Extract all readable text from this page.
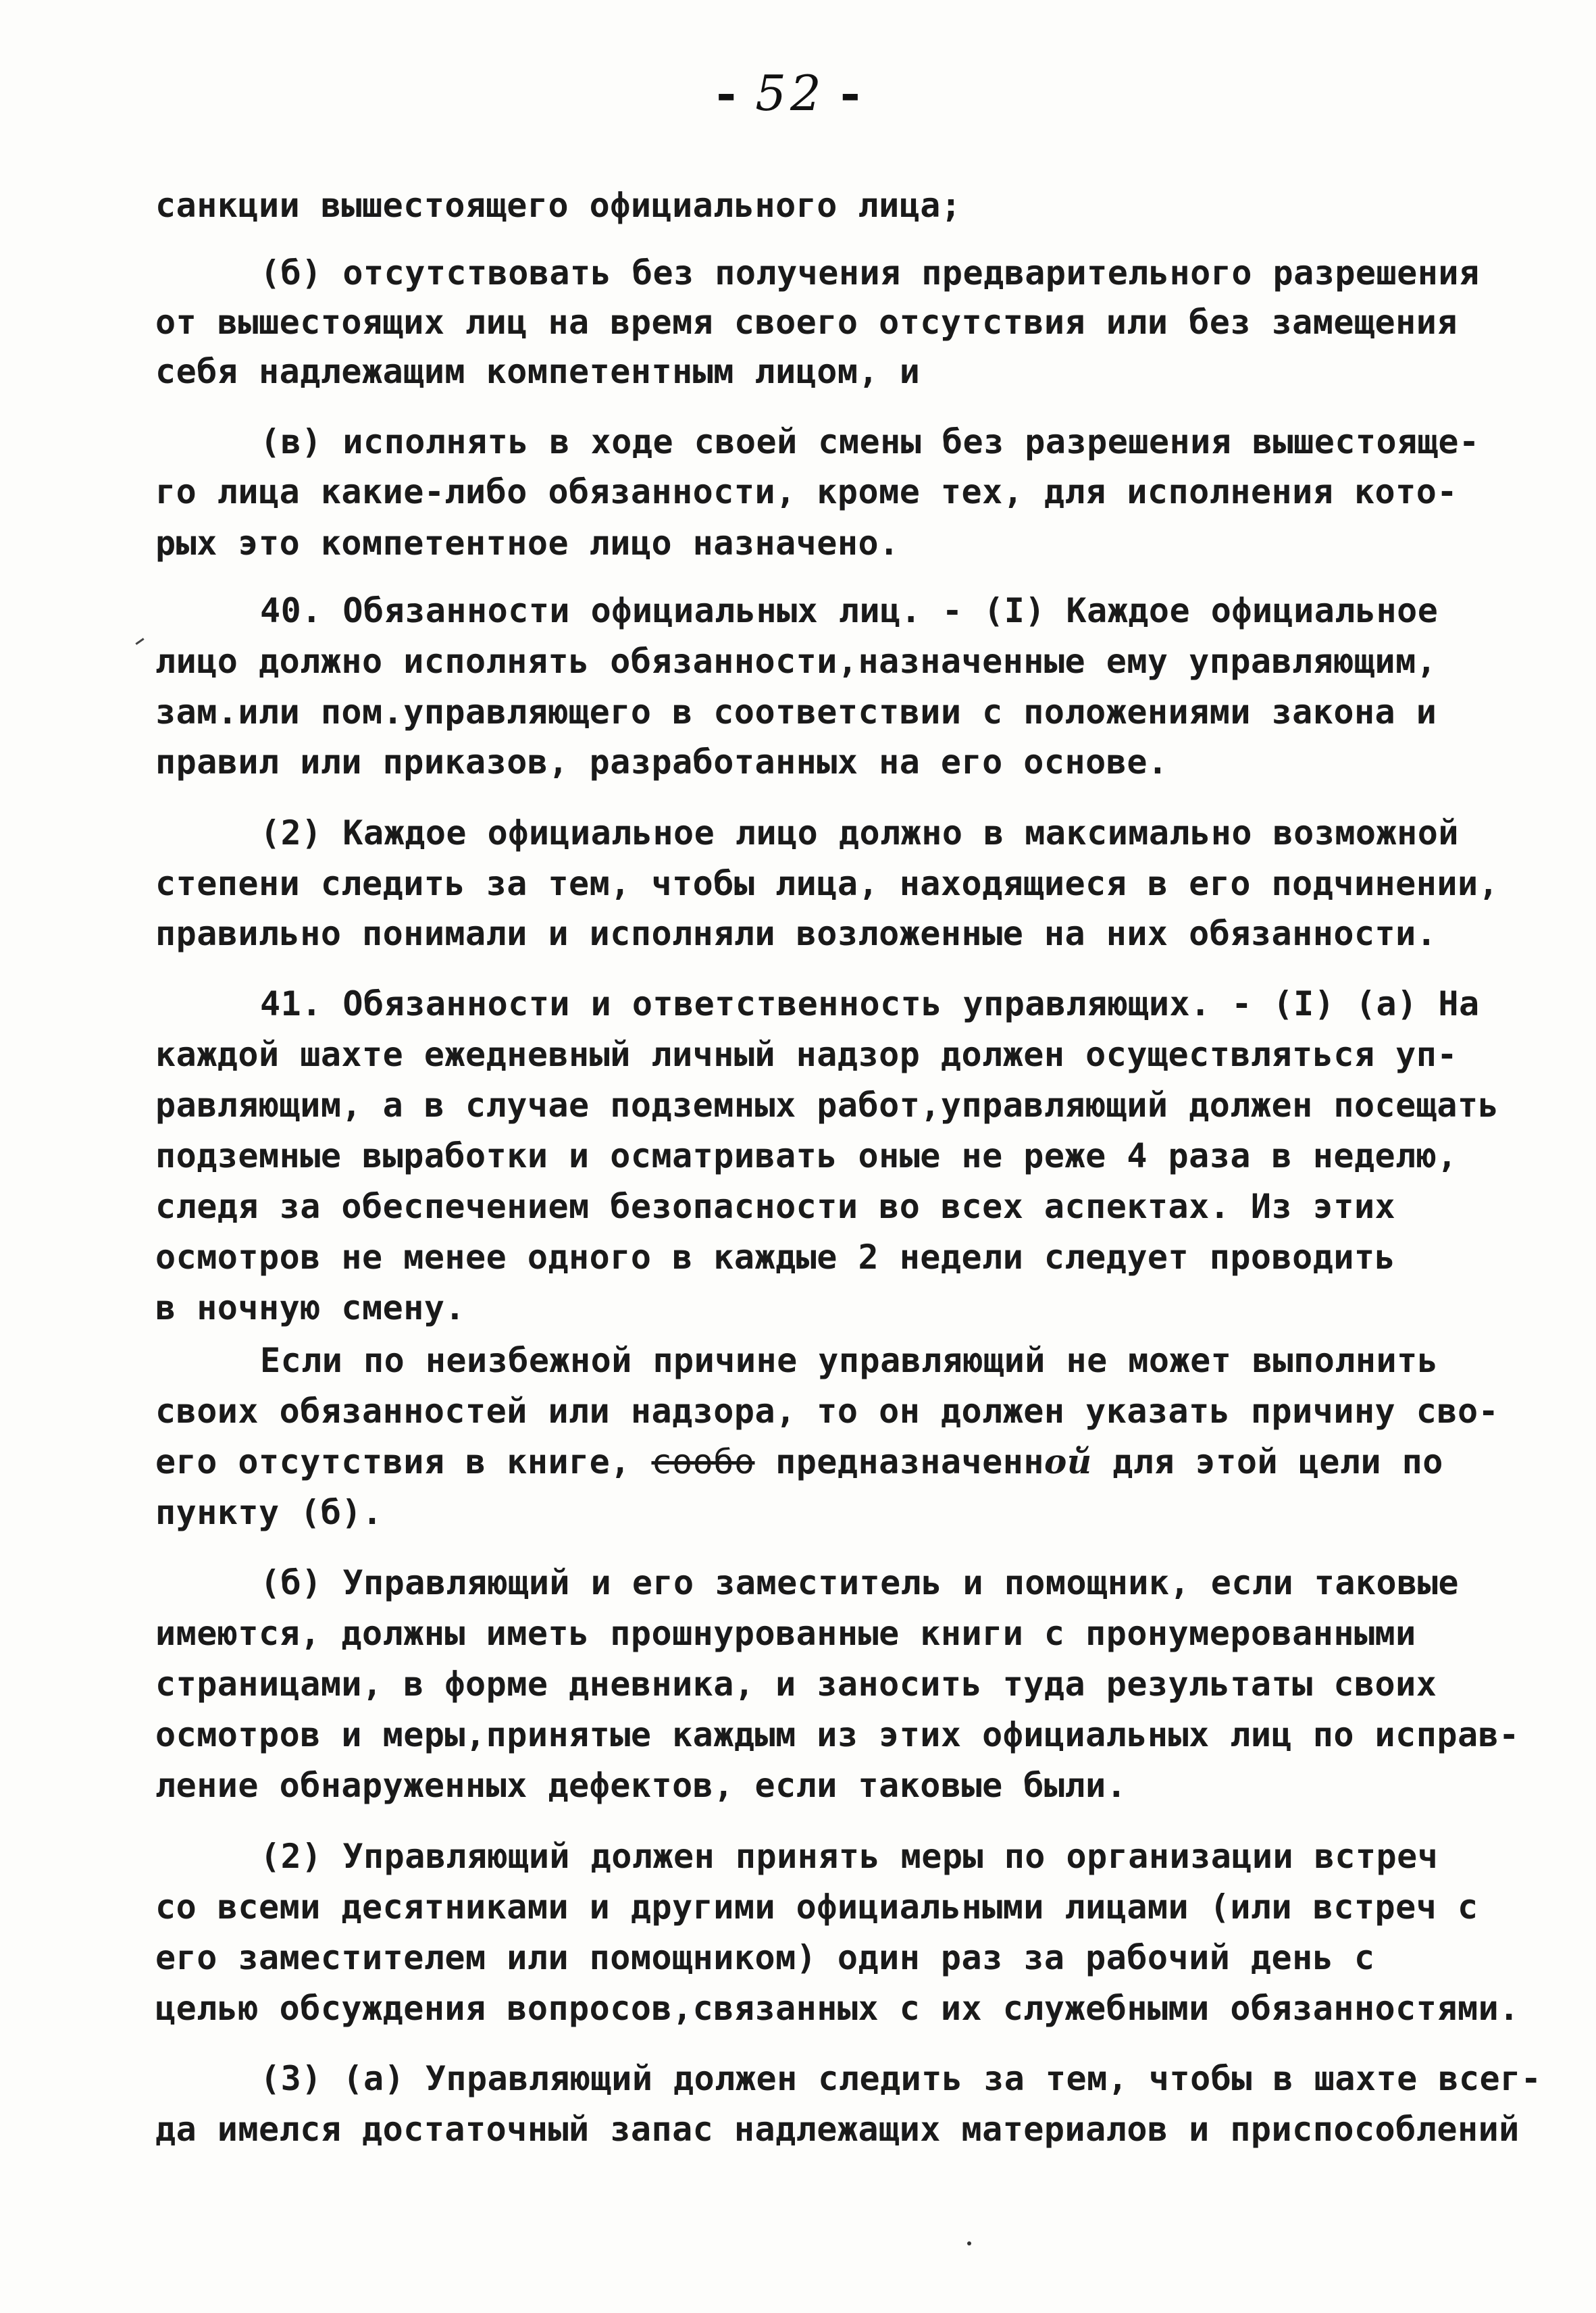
- 52 -
санкции вышестоящего официального лица;
(б) отсутствовать без получения предварительного разрешения
от вышестоящих лиц на время своего отсутствия или без замещения
себя надлежащим компетентным лицом, и
(в) исполнять в ходе своей смены без разрешения вышестояще-
го лица какие-либо обязанности, кроме тех, для исполнения кото-
рых это компетентное лицо назначено.
40. Обязанности официальных лиц. - (I) Каждое официальное
лицо должно исполнять обязанности,назначенные ему управляющим,
зам.или пом.управляющего в соответствии с положениями закона и
правил или приказов, разработанных на его основе.
(2) Каждое официальное лицо должно в максимально возможной
степени следить за тем, чтобы лица, находящиеся в его подчинении,
правильно понимали и исполняли возложенные на них обязанности.
41. Обязанности и ответственность управляющих. - (I) (а) На
каждой шахте ежедневный личный надзор должен осуществляться уп-
равляющим, а в случае подземных работ,управляющий должен посещать
подземные выработки и осматривать оные не реже 4 раза в неделю,
следя за обеспечением безопасности во всех аспектах. Из этих
осмотров не менее одного в каждые 2 недели следует проводить
в ночную смену.
Если по неизбежной причине управляющий не может выполнить
своих обязанностей или надзора, то он должен указать причину сво-
его отсутствия в книге, сообо предназначенной для этой цели по
пункту (б).
(б) Управляющий и его заместитель и помощник, если таковые
имеются, должны иметь прошнурованные книги с пронумерованными
страницами, в форме дневника, и заносить туда результаты своих
осмотров и меры,принятые каждым из этих официальных лиц по исправ-
ление обнаруженных дефектов, если таковые были.
(2) Управляющий должен принять меры по организации встреч
со всеми десятниками и другими официальными лицами (или встреч с
его заместителем или помощником) один раз за рабочий день с
целью обсуждения вопросов,связанных с их служебными обязанностями.
(3) (а) Управляющий должен следить за тем, чтобы в шахте всег-
да имелся достаточный запас надлежащих материалов и приспособлений
